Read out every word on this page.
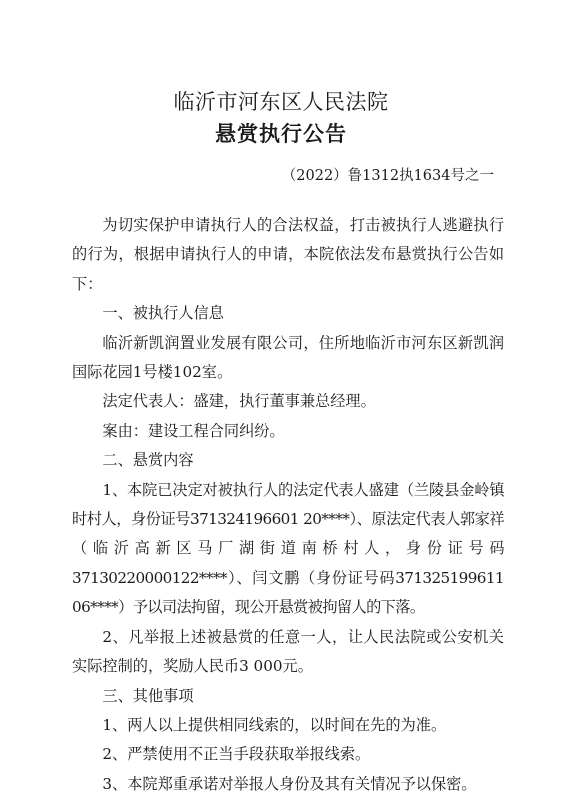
临沂市河东区人民法院
悬赏执行公告
（2022）鲁1312执1634号之一

为切实保护申请执行人的合法权益，打击被执行人逃避执行的行为，根据申请执行人的申请，本院依法发布悬赏执行公告如下：

一、被执行人信息

临沂新凯润置业发展有限公司，住所地临沂市河东区新凯润国际花园1号楼102室。

法定代表人：盛建，执行董事兼总经理。

案由：建设工程合同纠纷。

二、悬赏内容

1、本院已决定对被执行人的法定代表人盛建（兰陵县金岭镇时村人，身份证号371324196601 20****）、原法定代表人郭家祥（临沂高新区马厂湖街道南桥村人，身份证号码37130220000122****）、闫文鹏（身份证号码371325199611 06****）予以司法拘留，现公开悬赏被拘留人的下落。

2、凡举报上述被悬赏的任意一人，让人民法院或公安机关实际控制的，奖励人民币3 000元。

三、其他事项

1、两人以上提供相同线索的，以时间在先的为准。

2、严禁使用不正当手段获取举报线索。

3、本院郑重承诺对举报人身份及其有关情况予以保密。
